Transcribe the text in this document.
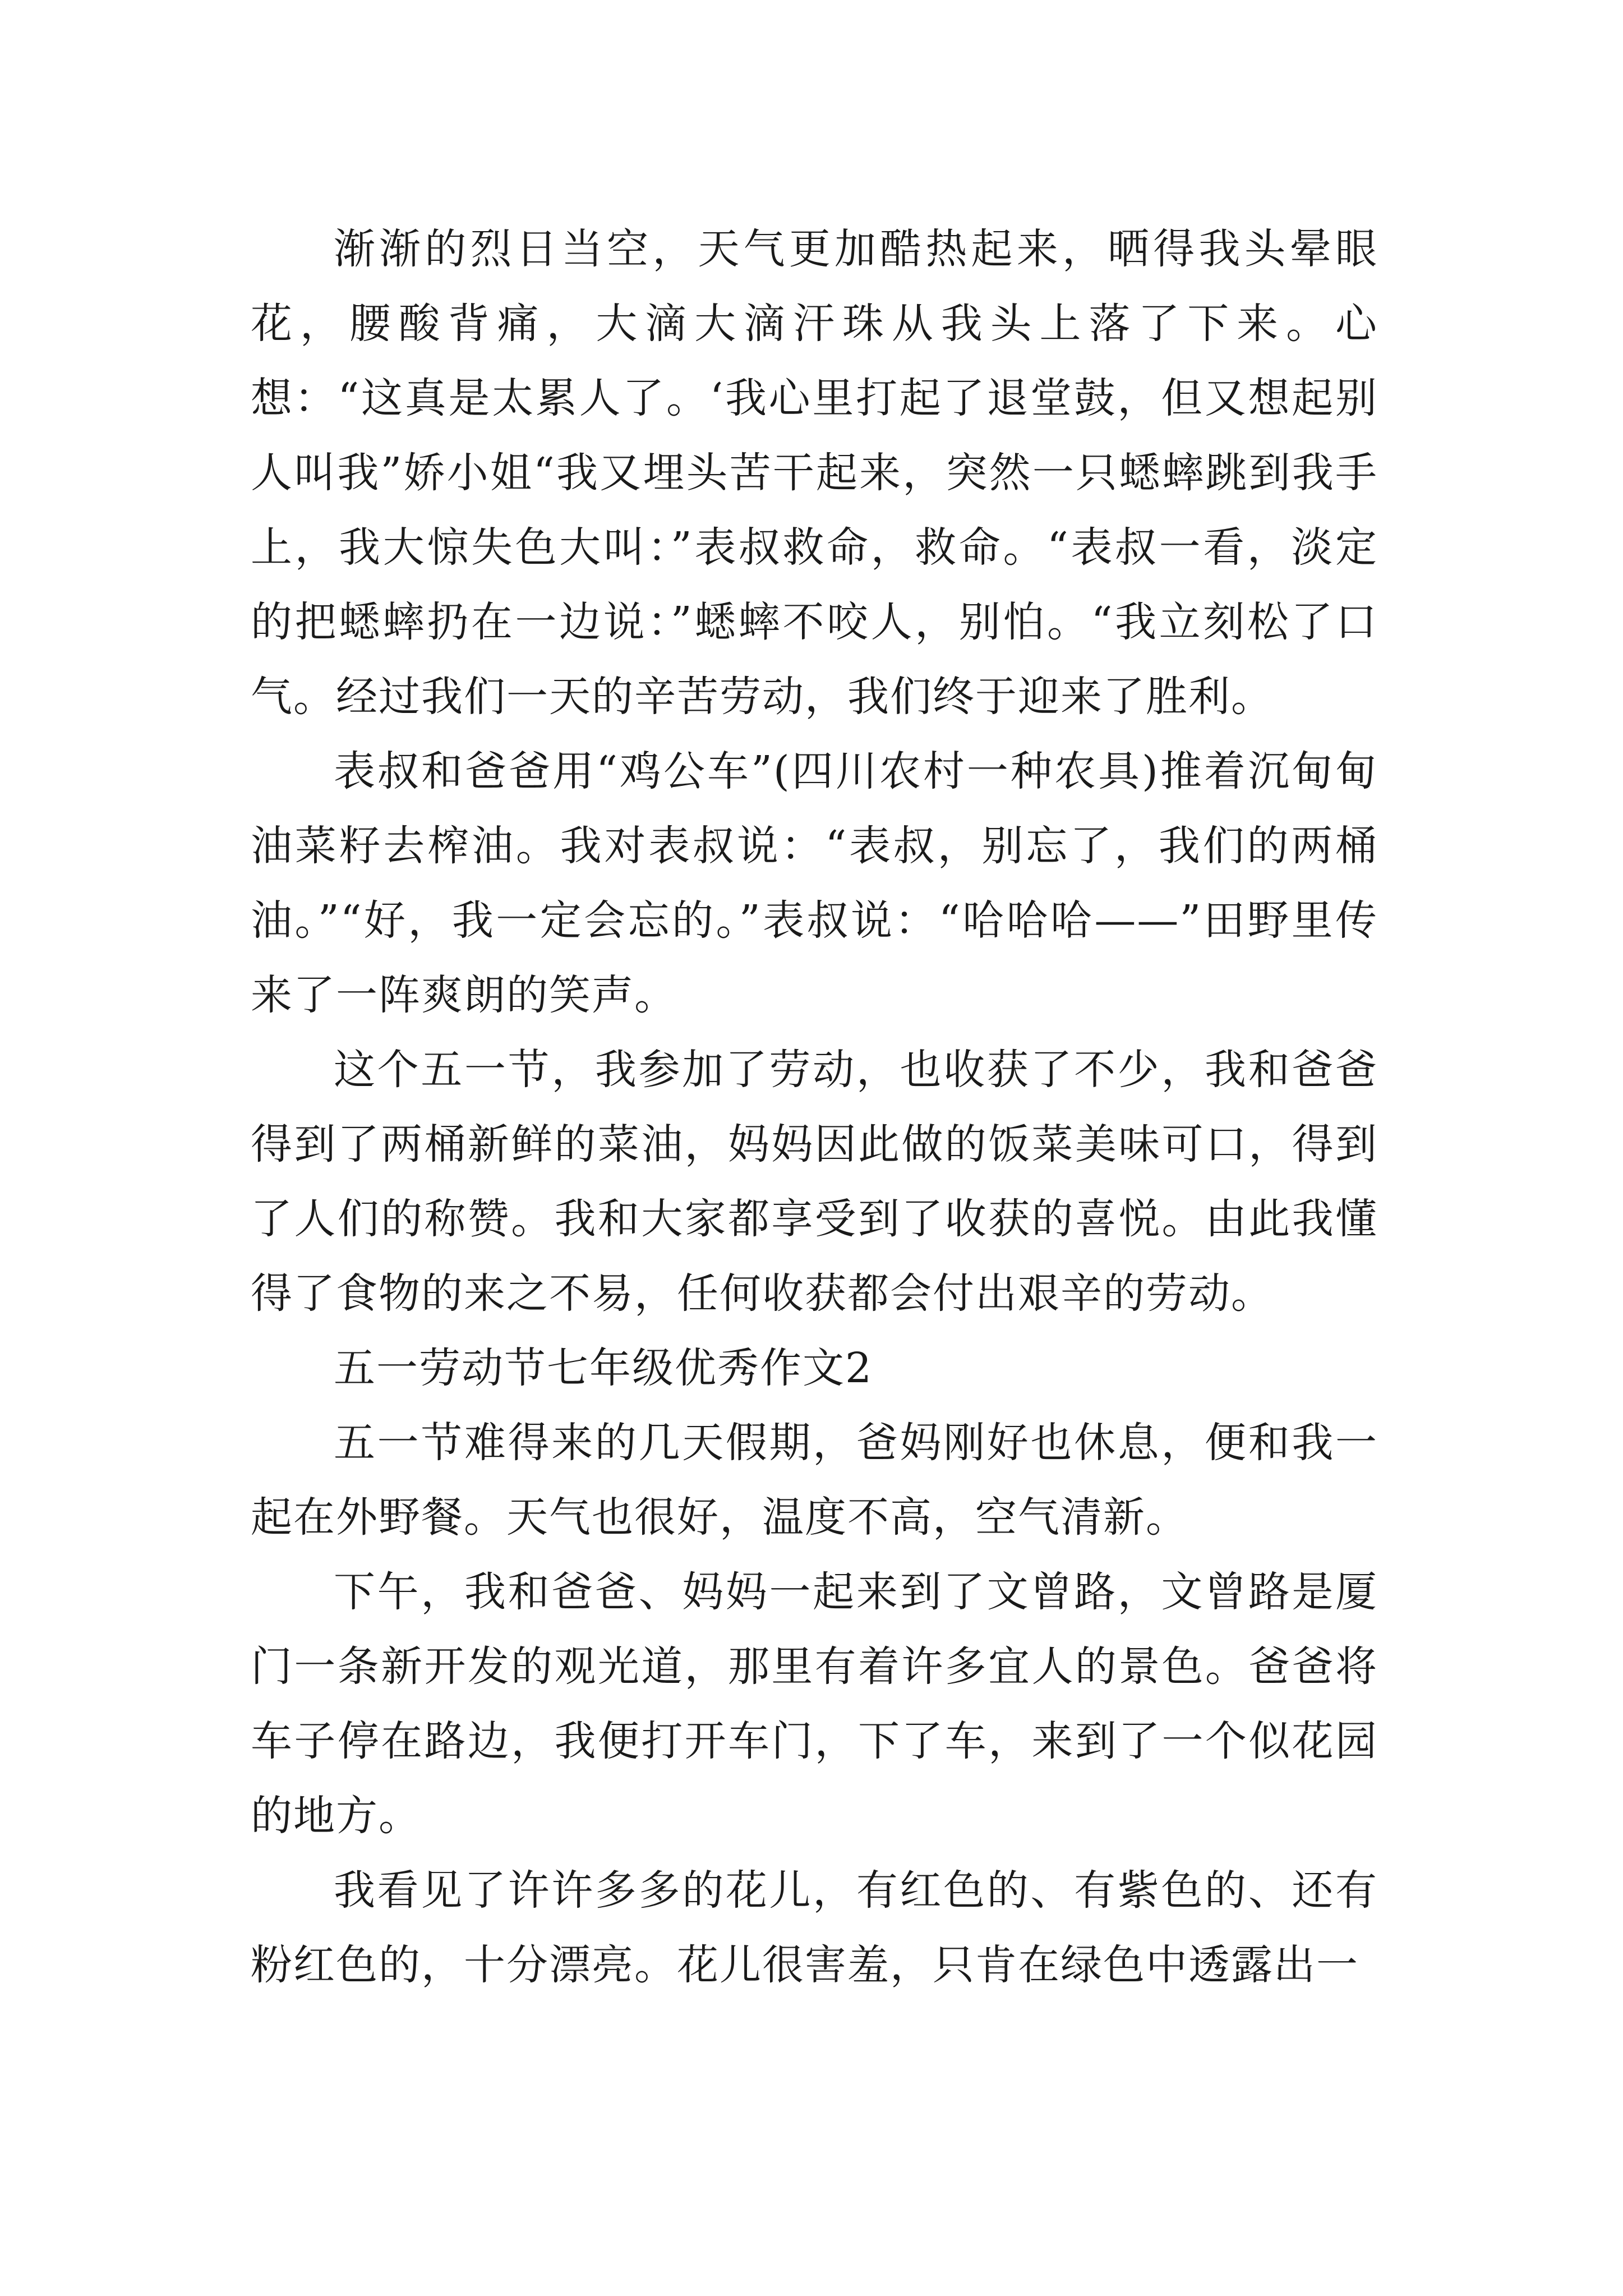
渐渐的烈日当空，天气更加酷热起来，晒得我头晕眼花，腰酸背痛，大滴大滴汗珠从我头上落了下来。心想：“这真是太累人了。‘我心里打起了退堂鼓，但又想起别人叫我”娇小姐“我又埋头苦干起来，突然一只蟋蟀跳到我手上，我大惊失色大叫：”表叔救命，救命。“表叔一看，淡定的把蟋蟀扔在一边说：”蟋蟀不咬人，别怕。“我立刻松了口气。经过我们一天的辛苦劳动，我们终于迎来了胜利。

表叔和爸爸用“鸡公车”(四川农村一种农具)推着沉甸甸油菜籽去榨油。我对表叔说：“表叔，别忘了，我们的两桶油。”“好，我一定会忘的。”表叔说：“哈哈哈——”田野里传来了一阵爽朗的笑声。

这个五一节，我参加了劳动，也收获了不少，我和爸爸得到了两桶新鲜的菜油，妈妈因此做的饭菜美味可口，得到了人们的称赞。我和大家都享受到了收获的喜悦。由此我懂得了食物的来之不易，任何收获都会付出艰辛的劳动。

五一劳动节七年级优秀作文2

五一节难得来的几天假期，爸妈刚好也休息，便和我一起在外野餐。天气也很好，温度不高，空气清新。

下午，我和爸爸、妈妈一起来到了文曾路，文曾路是厦门一条新开发的观光道，那里有着许多宜人的景色。爸爸将车子停在路边，我便打开车门，下了车，来到了一个似花园的地方。

我看见了许许多多的花儿，有红色的、有紫色的、还有粉红色的，十分漂亮。花儿很害羞，只肯在绿色中透露出一
